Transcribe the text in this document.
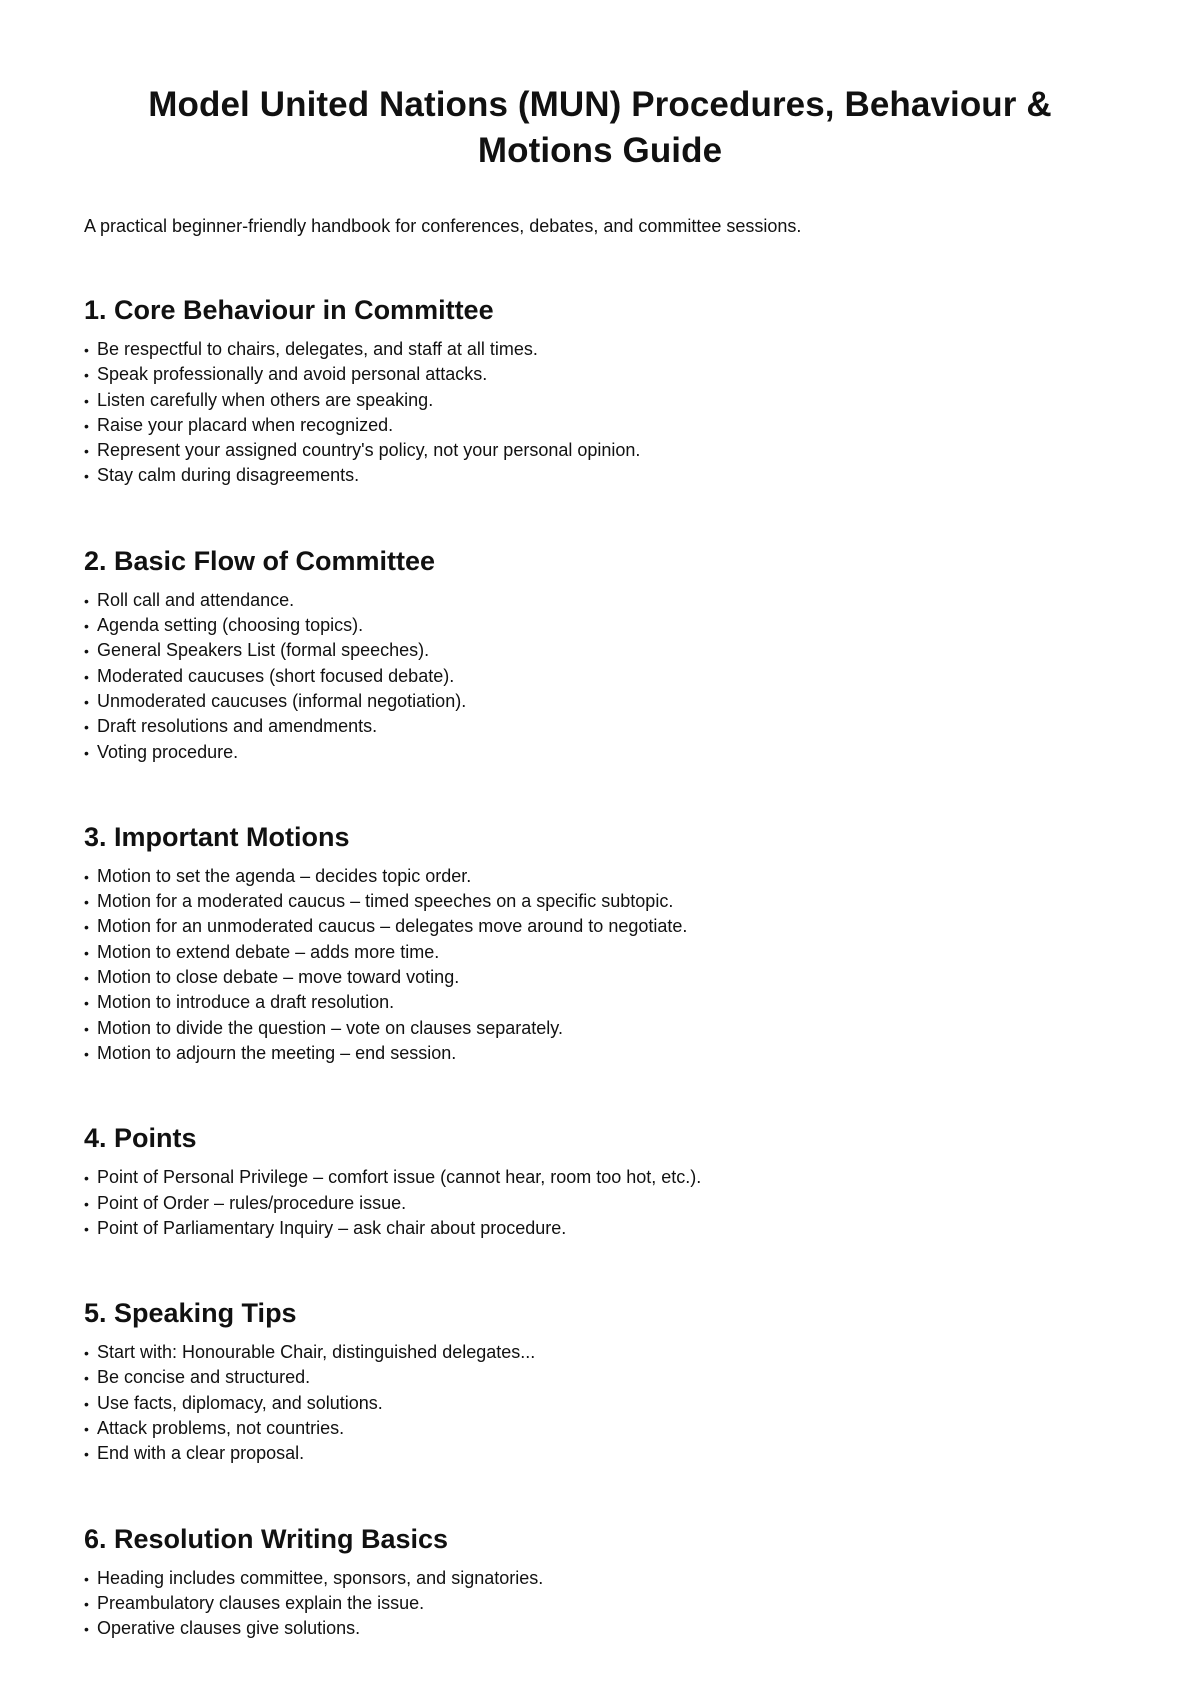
Model United Nations (MUN) Procedures, Behaviour & Motions Guide

A practical beginner-friendly handbook for conferences, debates, and committee sessions.

1. Core Behaviour in Committee
• Be respectful to chairs, delegates, and staff at all times.
• Speak professionally and avoid personal attacks.
• Listen carefully when others are speaking.
• Raise your placard when recognized.
• Represent your assigned country's policy, not your personal opinion.
• Stay calm during disagreements.
2. Basic Flow of Committee
• Roll call and attendance.
• Agenda setting (choosing topics).
• General Speakers List (formal speeches).
• Moderated caucuses (short focused debate).
• Unmoderated caucuses (informal negotiation).
• Draft resolutions and amendments.
• Voting procedure.
3. Important Motions
• Motion to set the agenda – decides topic order.
• Motion for a moderated caucus – timed speeches on a specific subtopic.
• Motion for an unmoderated caucus – delegates move around to negotiate.
• Motion to extend debate – adds more time.
• Motion to close debate – move toward voting.
• Motion to introduce a draft resolution.
• Motion to divide the question – vote on clauses separately.
• Motion to adjourn the meeting – end session.
4. Points
• Point of Personal Privilege – comfort issue (cannot hear, room too hot, etc.).
• Point of Order – rules/procedure issue.
• Point of Parliamentary Inquiry – ask chair about procedure.
5. Speaking Tips
• Start with: Honourable Chair, distinguished delegates...
• Be concise and structured.
• Use facts, diplomacy, and solutions.
• Attack problems, not countries.
• End with a clear proposal.
6. Resolution Writing Basics
• Heading includes committee, sponsors, and signatories.
• Preambulatory clauses explain the issue.
• Operative clauses give solutions.
